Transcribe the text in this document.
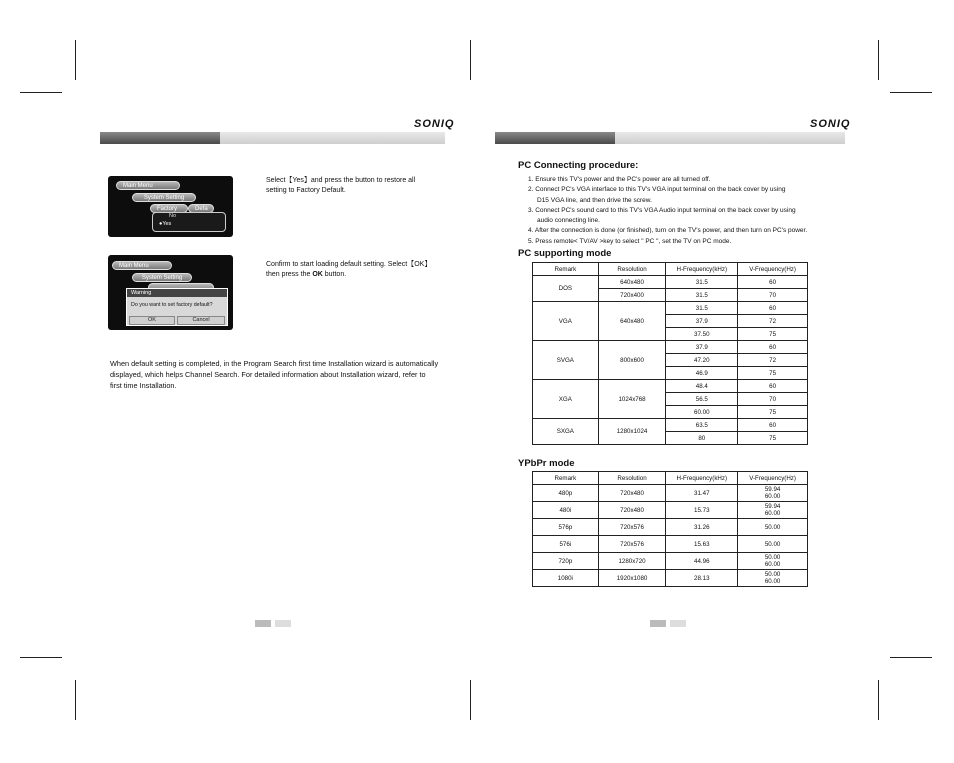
SONIQ
Main Menu
System Setting
Factory	Defa
No
●Yes
Select【Yes】and press the button to restore all
setting to Factory Default.
Main Menu
System Setting
Warning
Do you want to set factory default?
OK	Cancel
Confirm to start loading default setting. Select【OK】
then press the OK button.
When default setting is completed, in the Program Search first time Installation wizard is automatically
displayed, which helps Channel Search. For detailed information about Installation wizard, refer to
first time Installation.
SONIQ
PC Connecting procedure:
1. Ensure this TV's power and the PC's power are all turned off.
2. Connect PC's VGA interface to this TV's VGA input terminal on the back cover by using
D15 VGA line, and then drive the screw.
3. Connect PC's sound card to this TV's VGA Audio input terminal on the back cover by using
audio connecting line.
4. After the connection is done (or finished), turn on the TV's power, and then turn on PC's power.
5. Press remote< TV/AV >key to select " PC ", set the TV on PC mode.
PC supporting mode
Remark	Resolution	H-Frequency(kHz)	V-Frequency(Hz)
DOS	640x480	31.5	60
	720x400	31.5	70
VGA	640x480	31.5	60
		37.9	72
		37.50	75
SVGA	800x600	37.9	60
		47.20	72
		46.9	75
XGA	1024x768	48.4	60
		56.5	70
		60.00	75
SXGA	1280x1024	63.5	60
		80	75
YPbPr mode
Remark	Resolution	H-Frequency(kHz)	V-Frequency(Hz)
480p	720x480	31.47	59.94
60.00

480i	720x480	15.73	59.94
60.00

576p	720x576	31.26	50.00

576i	720x576	15.63	50.00

720p	1280x720	44.96	50.00
60.00

1080i	1920x1080	28.13	50.00
60.00
